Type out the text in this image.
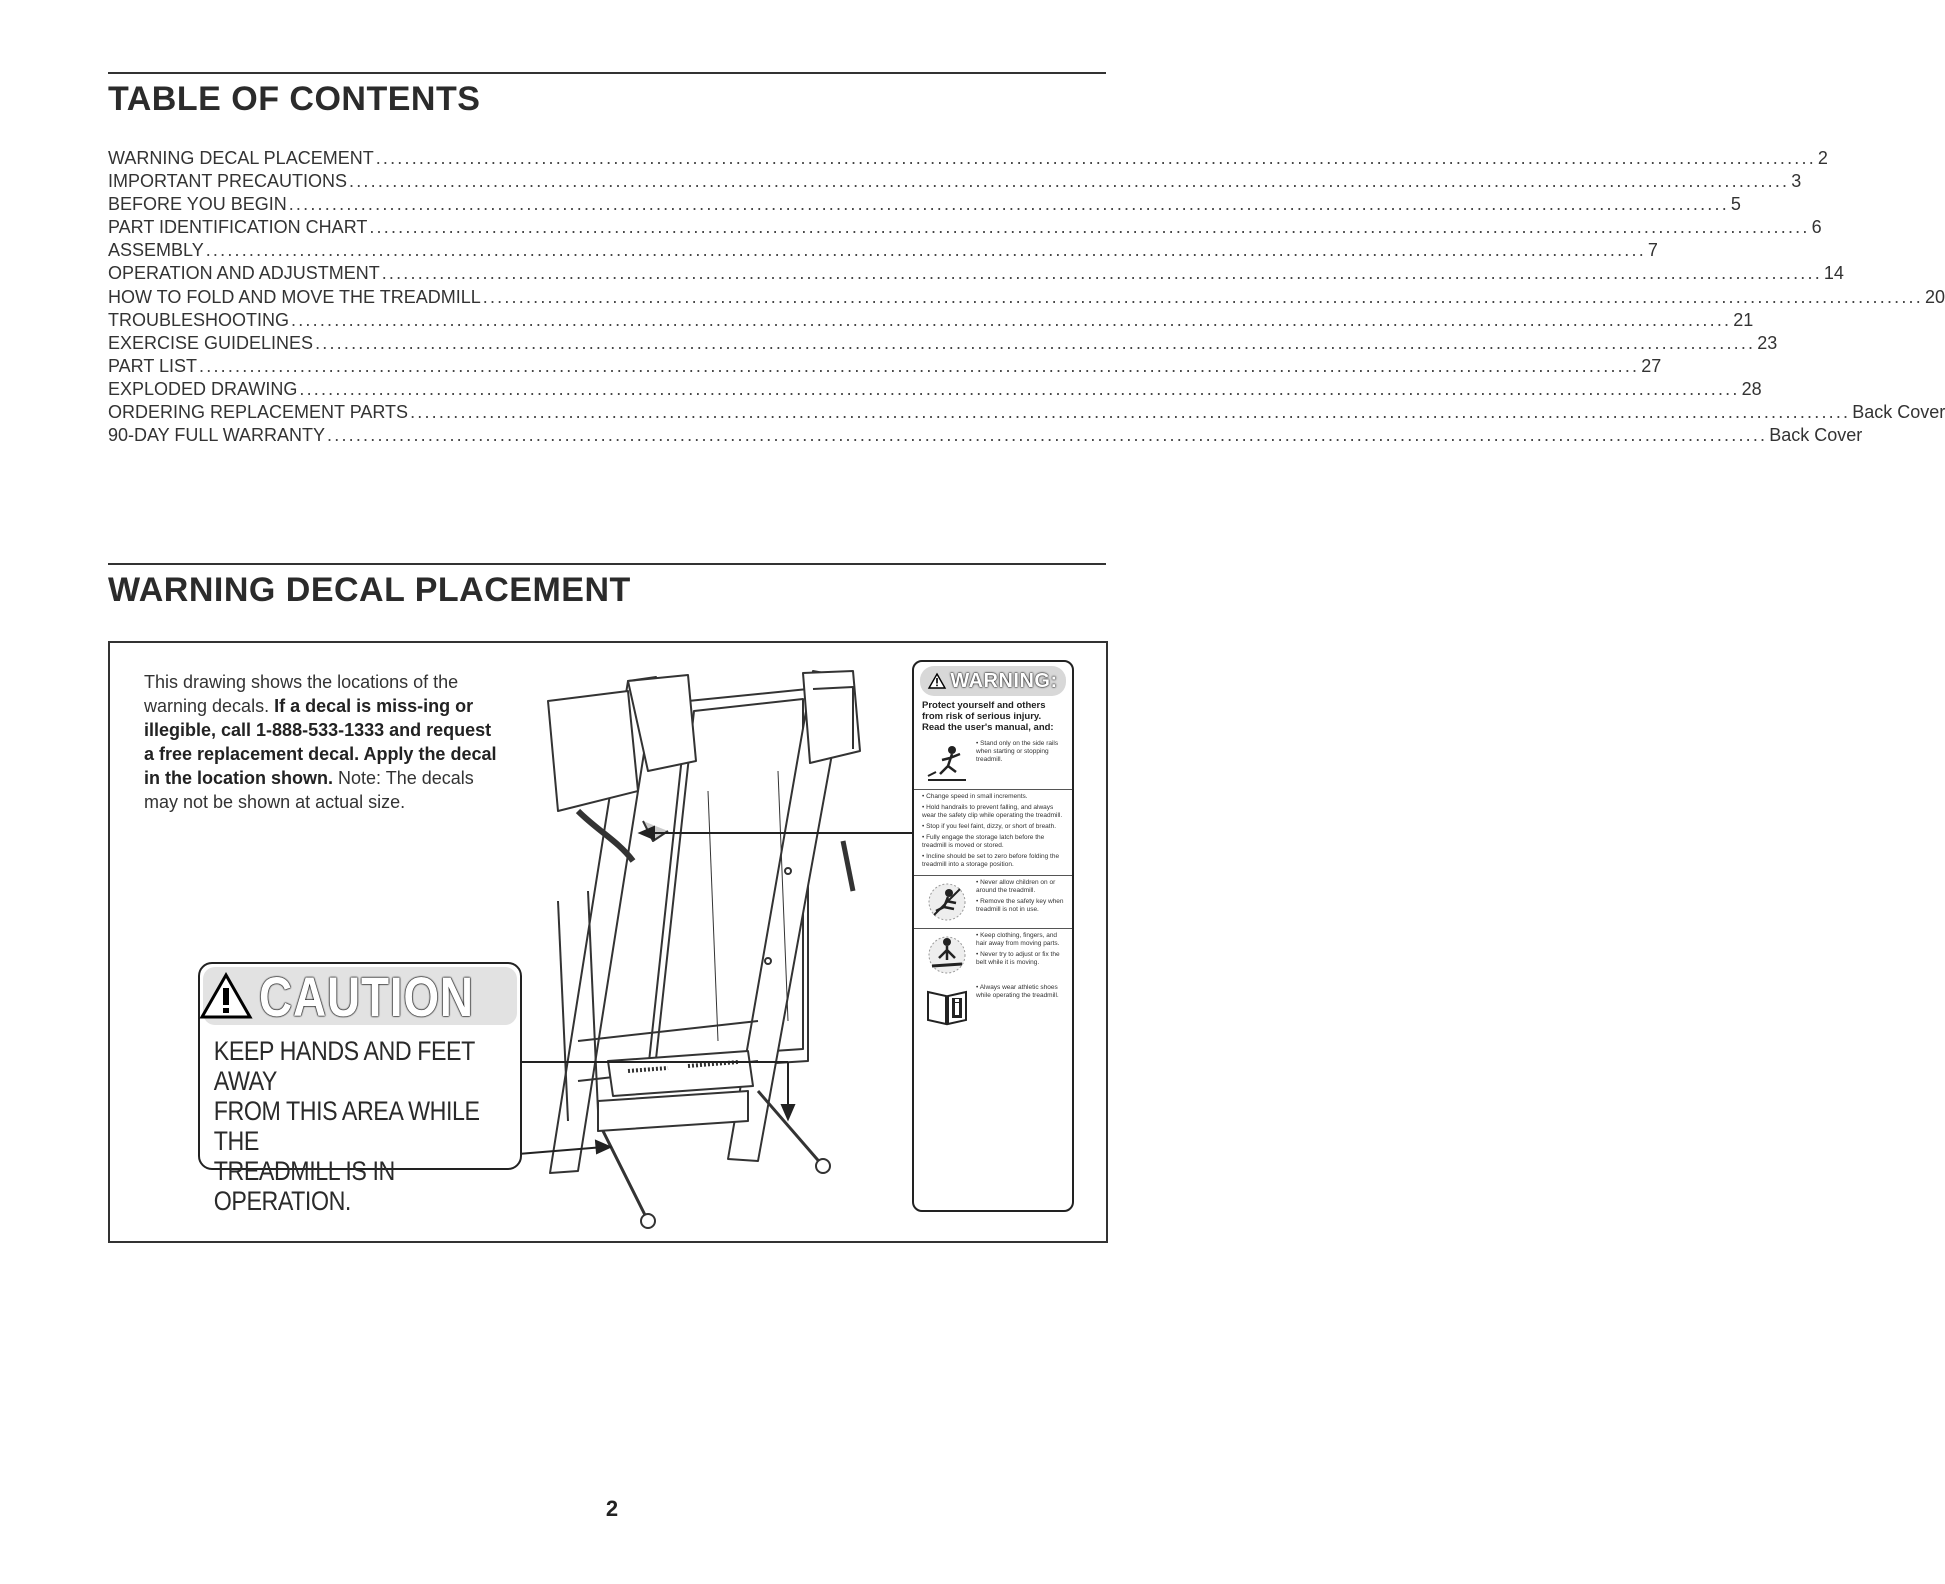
TABLE OF CONTENTS
WARNING DECAL PLACEMENT ........................................................................................................................................................................................................ 2
IMPORTANT PRECAUTIONS ........................................................................................................................................................................................................ 3
BEFORE YOU BEGIN ........................................................................................................................................................................................................ 5
PART IDENTIFICATION CHART ........................................................................................................................................................................................................ 6
ASSEMBLY ........................................................................................................................................................................................................ 7
OPERATION AND ADJUSTMENT ........................................................................................................................................................................................................ 14
HOW TO FOLD AND MOVE THE TREADMILL ........................................................................................................................................................................................................ 20
TROUBLESHOOTING ........................................................................................................................................................................................................ 21
EXERCISE GUIDELINES ........................................................................................................................................................................................................ 23
PART LIST ........................................................................................................................................................................................................ 27
EXPLODED DRAWING ........................................................................................................................................................................................................ 28
ORDERING REPLACEMENT PARTS ........................................................................................................................................................................................................ Back Cover
90-DAY FULL WARRANTY ........................................................................................................................................................................................................ Back Cover
WARNING DECAL PLACEMENT
This drawing shows the locations of the warning decals. If a decal is miss-ing or illegible, call 1-888-533-1333 and request a free replacement decal. Apply the decal in the location shown. Note: The decals may not be shown at actual size.
WARNING:
Protect yourself and others from risk of serious injury. Read the user's manual, and:
• Stand only on the side rails when starting or stopping treadmill.
• Change speed in small increments.
• Hold handrails to prevent falling, and always wear the safety clip while operating the treadmill.
• Stop if you feel faint, dizzy, or short of breath.
• Fully engage the storage latch before the treadmill is moved or stored.
• Incline should be set to zero before folding the treadmill into a storage position.
• Never allow children on or around the treadmill.
• Remove the safety key when treadmill is not in use.
• Keep clothing, fingers, and hair away from moving parts.
• Never try to adjust or fix the belt while it is moving.
• Always wear athletic shoes while operating the treadmill.
CAUTION
KEEP HANDS AND FEET AWAY
FROM THIS AREA WHILE THE
TREADMILL IS IN OPERATION.
2
